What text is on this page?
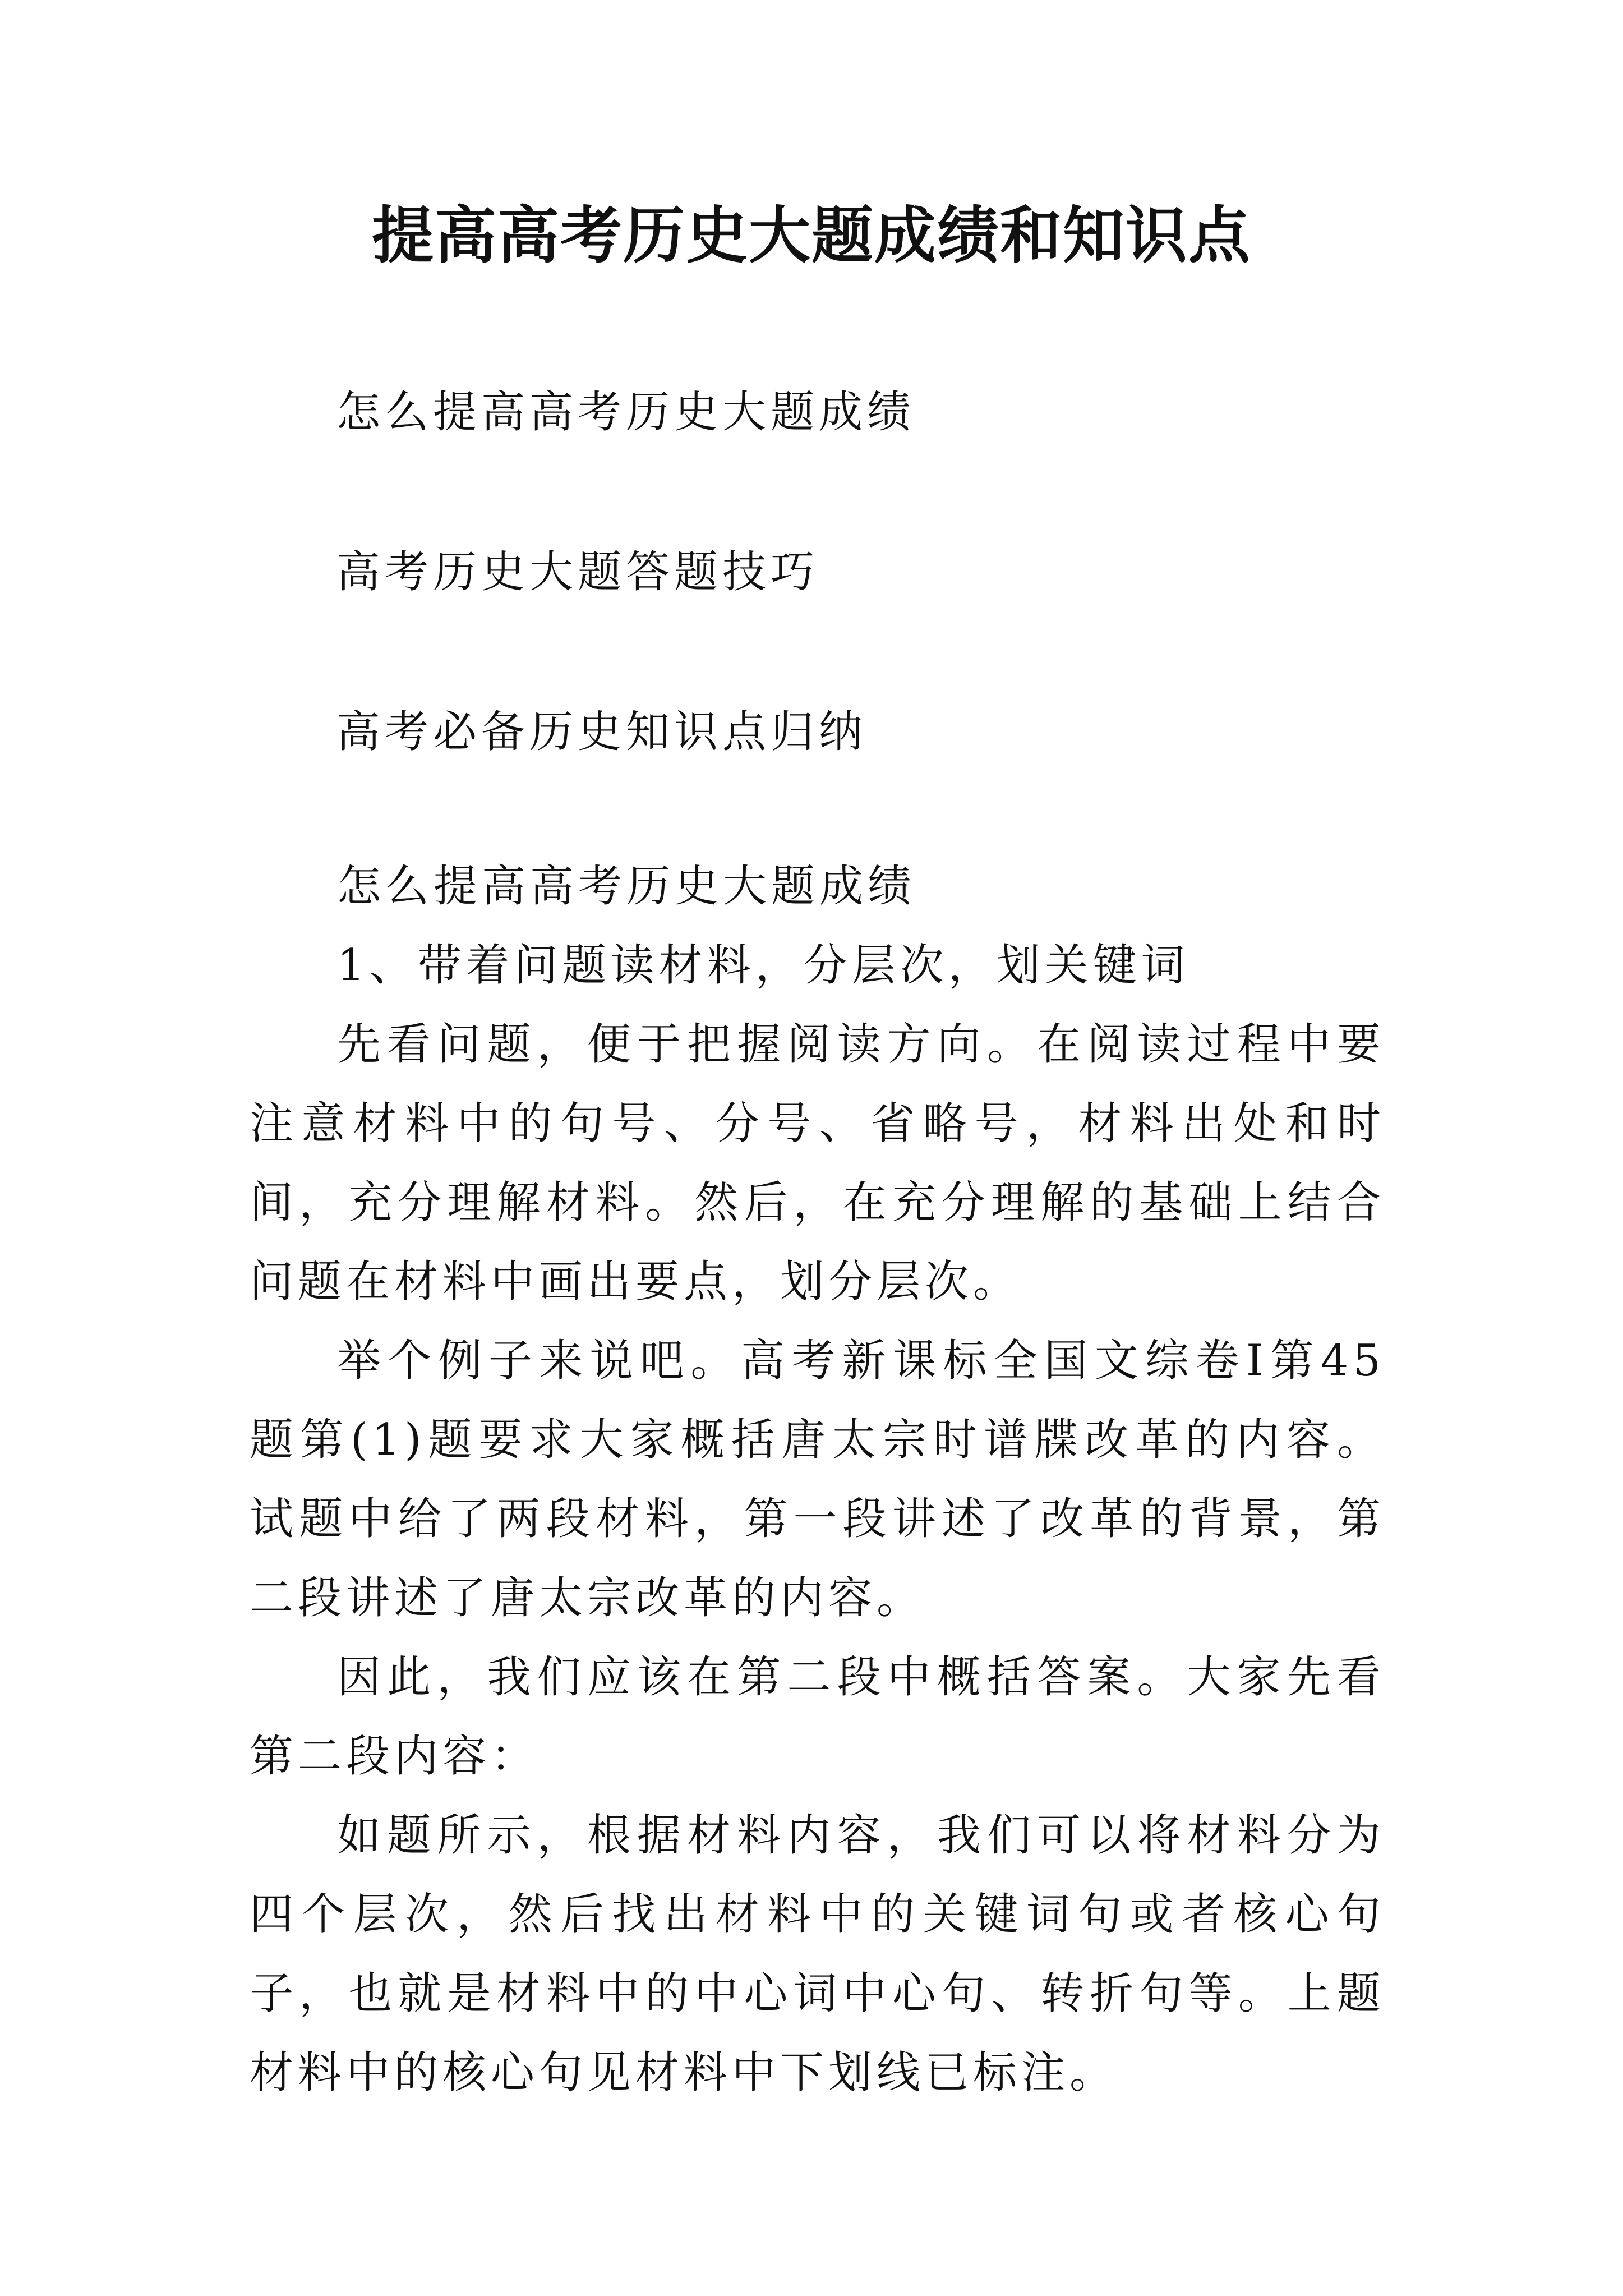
提高高考历史大题成绩和知识点
怎么提高高考历史大题成绩
高考历史大题答题技巧
高考必备历史知识点归纳

怎么提高高考历史大题成绩

1、带着问题读材料，分层次，划关键词

先看问题，便于把握阅读方向。在阅读过程中要注意材料中的句号、分号、省略号，材料出处和时间，充分理解材料。然后，在充分理解的基础上结合问题在材料中画出要点，划分层次。

举个例子来说吧。高考新课标全国文综卷I第45题第(1)题要求大家概括唐太宗时谱牒改革的内容。试题中给了两段材料，第一段讲述了改革的背景，第二段讲述了唐太宗改革的内容。

因此，我们应该在第二段中概括答案。大家先看第二段内容：

如题所示，根据材料内容，我们可以将材料分为四个层次，然后找出材料中的关键词句或者核心句子，也就是材料中的中心词中心句、转折句等。上题材料中的核心句见材料中下划线已标注。
